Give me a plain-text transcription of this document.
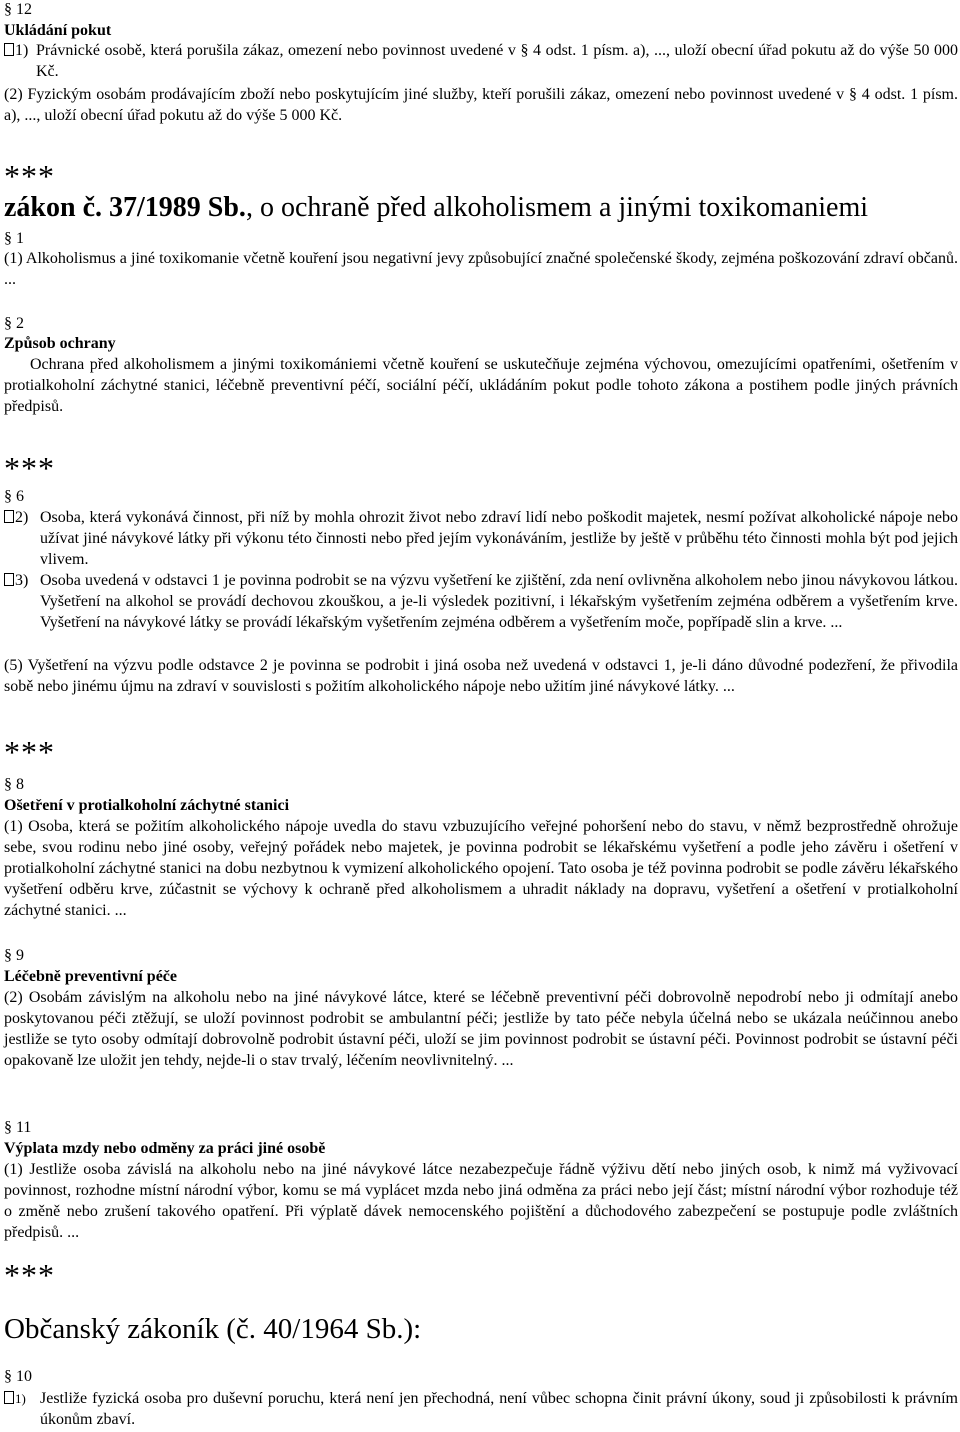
§ 12
Ukládání pokut
1) Právnické osobě, která porušila zákaz, omezení nebo povinnost uvedené v § 4 odst. 1 písm. a), ..., uloží obecní úřad pokutu až do výše 50 000 Kč.
(2) Fyzickým osobám prodávajícím zboží nebo poskytujícím jiné služby, kteří porušili zákaz, omezení nebo povinnost uvedené v § 4 odst. 1 písm. a), ..., uloží obecní úřad pokutu až do výše 5 000 Kč.
***
zákon č. 37/1989 Sb., o ochraně před alkoholismem a jinými toxikomaniemi
§ 1
(1) Alkoholismus a jiné toxikomanie včetně kouření jsou negativní jevy způsobující značné společenské škody, zejména poškozování zdraví občanů. ...
§ 2
Způsob ochrany
Ochrana před alkoholismem a jinými toxikomániemi včetně kouření se uskutečňuje zejména výchovou, omezujícími opatřeními, ošetřením v protialkoholní záchytné stanici, léčebně preventivní péčí, sociální péčí, ukládáním pokut podle tohoto zákona a postihem podle jiných právních předpisů.
***
§ 6
2) Osoba, která vykonává činnost, při níž by mohla ohrozit život nebo zdraví lidí nebo poškodit majetek, nesmí požívat alkoholické nápoje nebo užívat jiné návykové látky při výkonu této činnosti nebo před jejím vykonáváním, jestliže by ještě v průběhu této činnosti mohla být pod jejich vlivem.
3) Osoba uvedená v odstavci 1 je povinna podrobit se na výzvu vyšetření ke zjištění, zda není ovlivněna alkoholem nebo jinou návykovou látkou. Vyšetření na alkohol se provádí dechovou zkouškou, a je-li výsledek pozitivní, i lékařským vyšetřením zejména odběrem a vyšetřením krve. Vyšetření na návykové látky se provádí lékařským vyšetřením zejména odběrem a vyšetřením moče, popřípadě slin a krve. ...
(5) Vyšetření na výzvu podle odstavce 2 je povinna se podrobit i jiná osoba než uvedená v odstavci 1, je-li dáno důvodné podezření, že přivodila sobě nebo jinému újmu na zdraví v souvislosti s požitím alkoholického nápoje nebo užitím jiné návykové látky. ...
***
§ 8
Ošetření v protialkoholní záchytné stanici
(1) Osoba, která se požitím alkoholického nápoje uvedla do stavu vzbuzujícího veřejné pohoršení nebo do stavu, v němž bezprostředně ohrožuje sebe, svou rodinu nebo jiné osoby, veřejný pořádek nebo majetek, je povinna podrobit se lékařskému vyšetření a podle jeho závěru i ošetření v protialkoholní záchytné stanici na dobu nezbytnou k vymizení alkoholického opojení. Tato osoba je též povinna podrobit se podle závěru lékařského vyšetření odběru krve, zúčastnit se výchovy k ochraně před alkoholismem a uhradit náklady na dopravu, vyšetření a ošetření v protialkoholní záchytné stanici. ...
§ 9
Léčebně preventivní péče
(2) Osobám závislým na alkoholu nebo na jiné návykové látce, které se léčebně preventivní péči dobrovolně nepodrobí nebo ji odmítají anebo poskytovanou péči ztěžují, se uloží povinnost podrobit se ambulantní péči; jestliže by tato péče nebyla účelná nebo se ukázala neúčinnou anebo jestliže se tyto osoby odmítají dobrovolně podrobit ústavní péči, uloží se jim povinnost podrobit se ústavní péči. Povinnost podrobit se ústavní péči opakovaně lze uložit jen tehdy, nejde-li o stav trvalý, léčením neovlivnitelný. ...
§ 11
Výplata mzdy nebo odměny za práci jiné osobě
(1) Jestliže osoba závislá na alkoholu nebo na jiné návykové látce nezabezpečuje řádně výživu dětí nebo jiných osob, k nimž má vyživovací povinnost, rozhodne místní národní výbor, komu se má vyplácet mzda nebo jiná odměna za práci nebo její část; místní národní výbor rozhoduje též o změně nebo zrušení takového opatření. Při výplatě dávek nemocenského pojištění a důchodového zabezpečení se postupuje podle zvláštních předpisů. ...
***
Občanský zákoník (č. 40/1964 Sb.):
§ 10
1) Jestliže fyzická osoba pro duševní poruchu, která není jen přechodná, není vůbec schopna činit právní úkony, soud ji způsobilosti k právním úkonům zbaví.
